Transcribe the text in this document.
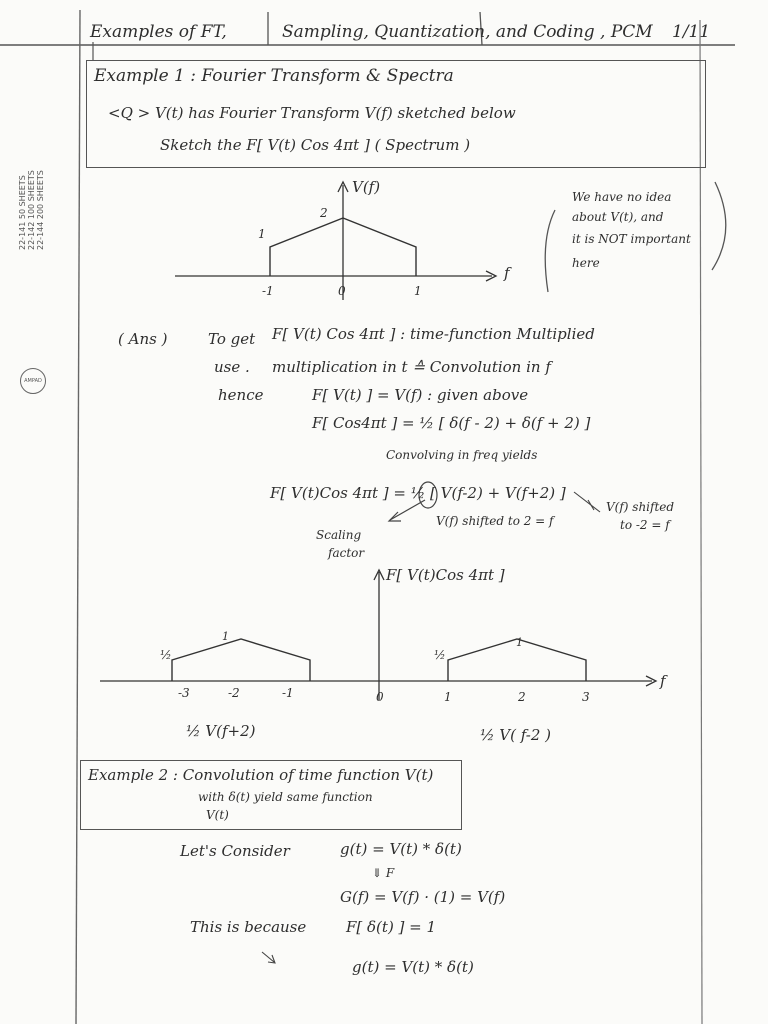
22-141 50 SHEETS 22-142 100 SHEETS 22-144 200 SHEETS
AMPAD
Examples of FT,	Sampling, Quantization, and Coding , PCM 1/11
Example 1 : Fourier Transform & Spectra
<Q > V(t) has Fourier Transform V(f) sketched below
Sketch the F[ V(t) Cos 4πt ] ( Spectrum )
V(f)
f
2
1
-1	0	1
We have no idea
about V(t), and
it is NOT important
here
( Ans )	To get F[ V(t) Cos 4πt ] : time-function Multiplied
use . multiplication in t ≙ Convolution in f
hence	F[ V(t) ] = V(f) : given above
F[ Cos4πt ] = ½ [ δ(f - 2) + δ(f + 2) ]
Convolving in freq yields
F[ V(t)Cos 4πt ] = ½ [ V(f-2) + V(f+2) ]
Scaling
factor
V(f) shifted to 2 = f
V(f) shifted
to -2 = f
F[ V(t)Cos 4πt ]
f
½	½
1	1
-3	-2	-1	0	1	2	3
½ V(f+2)	½ V( f-2 )
Example 2 : Convolution of time function V(t)
with δ(t) yield same function
V(t)
Let's Consider	g(t) = V(t) * δ(t)
⇓ F
G(f) = V(f) · (1) = V(f)
This is because	F[ δ(t) ] = 1
g(t) = V(t) * δ(t)
